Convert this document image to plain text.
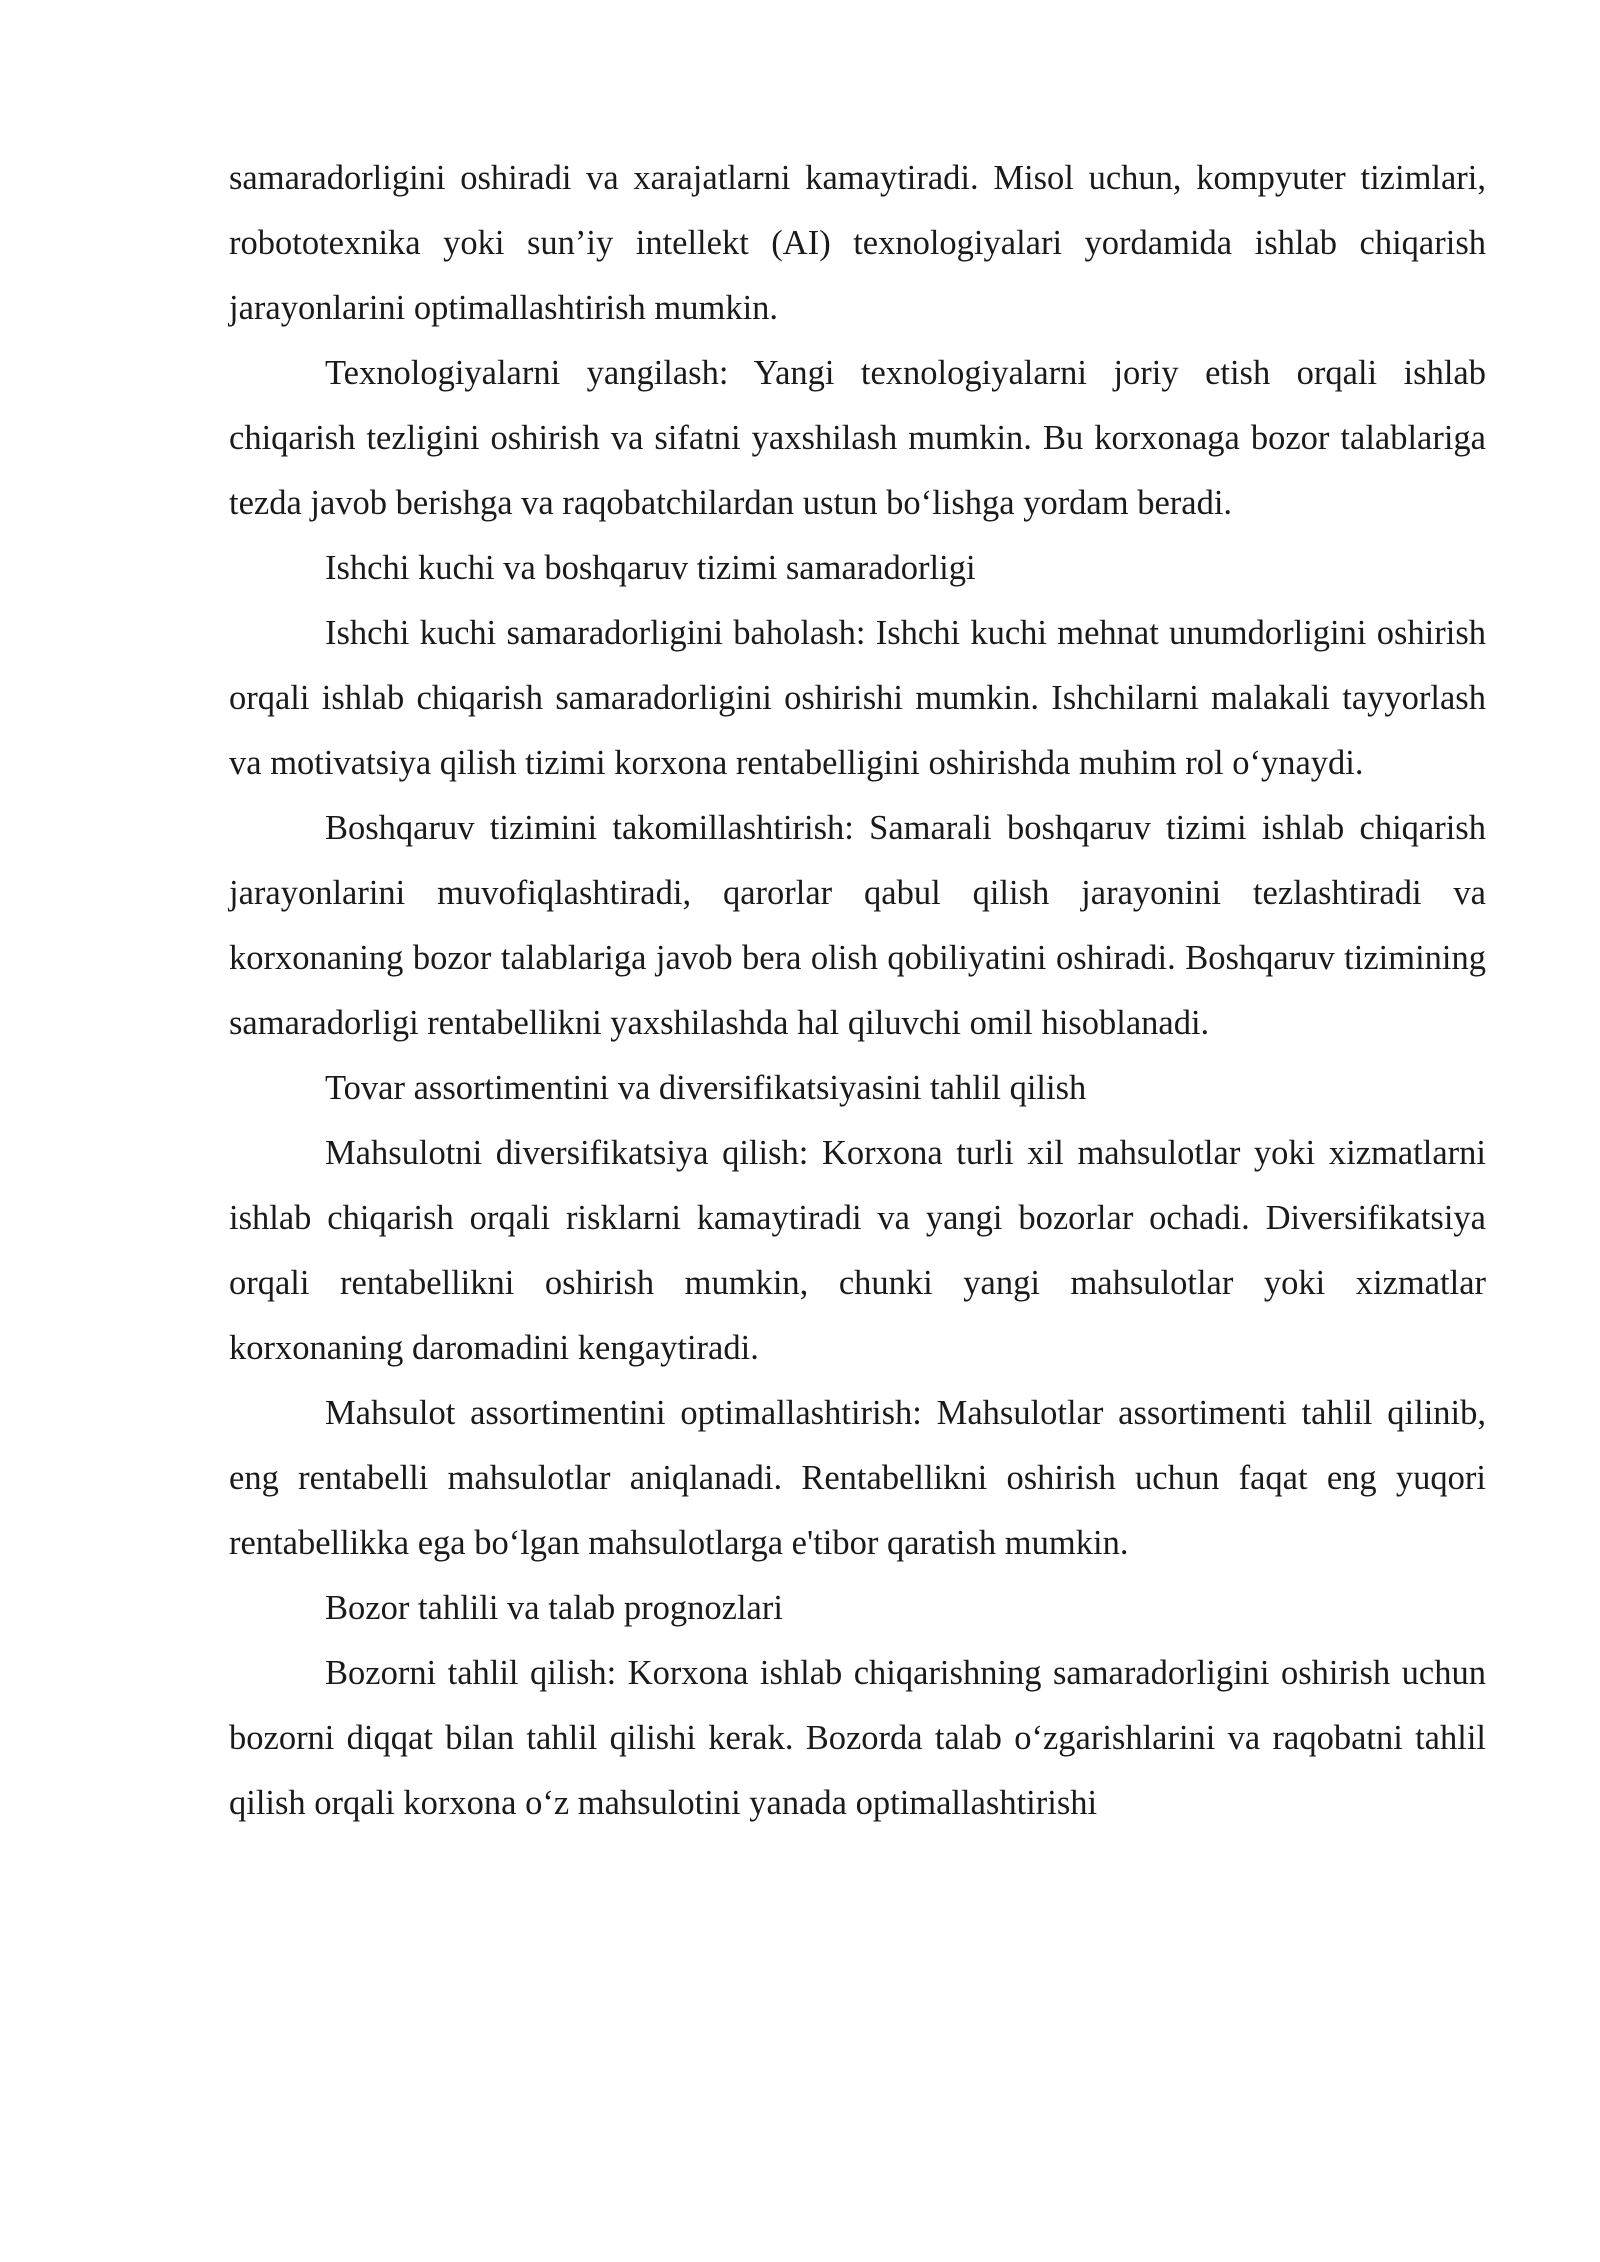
samaradorligini oshiradi va xarajatlarni kamaytiradi. Misol uchun, kompyuter tizimlari, robototexnika yoki sun’iy intellekt (AI) texnologiyalari yordamida ishlab chiqarish jarayonlarini optimallashtirish mumkin.

Texnologiyalarni yangilash: Yangi texnologiyalarni joriy etish orqali ishlab chiqarish tezligini oshirish va sifatni yaxshilash mumkin. Bu korxonaga bozor talablariga tezda javob berishga va raqobatchilardan ustun bo‘lishga yordam beradi.

Ishchi kuchi va boshqaruv tizimi samaradorligi

Ishchi kuchi samaradorligini baholash: Ishchi kuchi mehnat unumdorligini oshirish orqali ishlab chiqarish samaradorligini oshirishi mumkin. Ishchilarni malakali tayyorlash va motivatsiya qilish tizimi korxona rentabelligini oshirishda muhim rol o‘ynaydi.

Boshqaruv tizimini takomillashtirish: Samarali boshqaruv tizimi ishlab chiqarish jarayonlarini muvofiqlashtiradi, qarorlar qabul qilish jarayonini tezlashtiradi va korxonaning bozor talablariga javob bera olish qobiliyatini oshiradi. Boshqaruv tizimining samaradorligi rentabellikni yaxshilashda hal qiluvchi omil hisoblanadi.

Tovar assortimentini va diversifikatsiyasini tahlil qilish

Mahsulotni diversifikatsiya qilish: Korxona turli xil mahsulotlar yoki xizmatlarni ishlab chiqarish orqali risklarni kamaytiradi va yangi bozorlar ochadi. Diversifikatsiya orqali rentabellikni oshirish mumkin, chunki yangi mahsulotlar yoki xizmatlar korxonaning daromadini kengaytiradi.

Mahsulot assortimentini optimallashtirish: Mahsulotlar assortimenti tahlil qilinib, eng rentabelli mahsulotlar aniqlanadi. Rentabellikni oshirish uchun faqat eng yuqori rentabellikka ega bo‘lgan mahsulotlarga e'tibor qaratish mumkin.

Bozor tahlili va talab prognozlari

Bozorni tahlil qilish: Korxona ishlab chiqarishning samaradorligini oshirish uchun bozorni diqqat bilan tahlil qilishi kerak. Bozorda talab o‘zgarishlarini va raqobatni tahlil qilish orqali korxona o‘z mahsulotini yanada optimallashtirishi
